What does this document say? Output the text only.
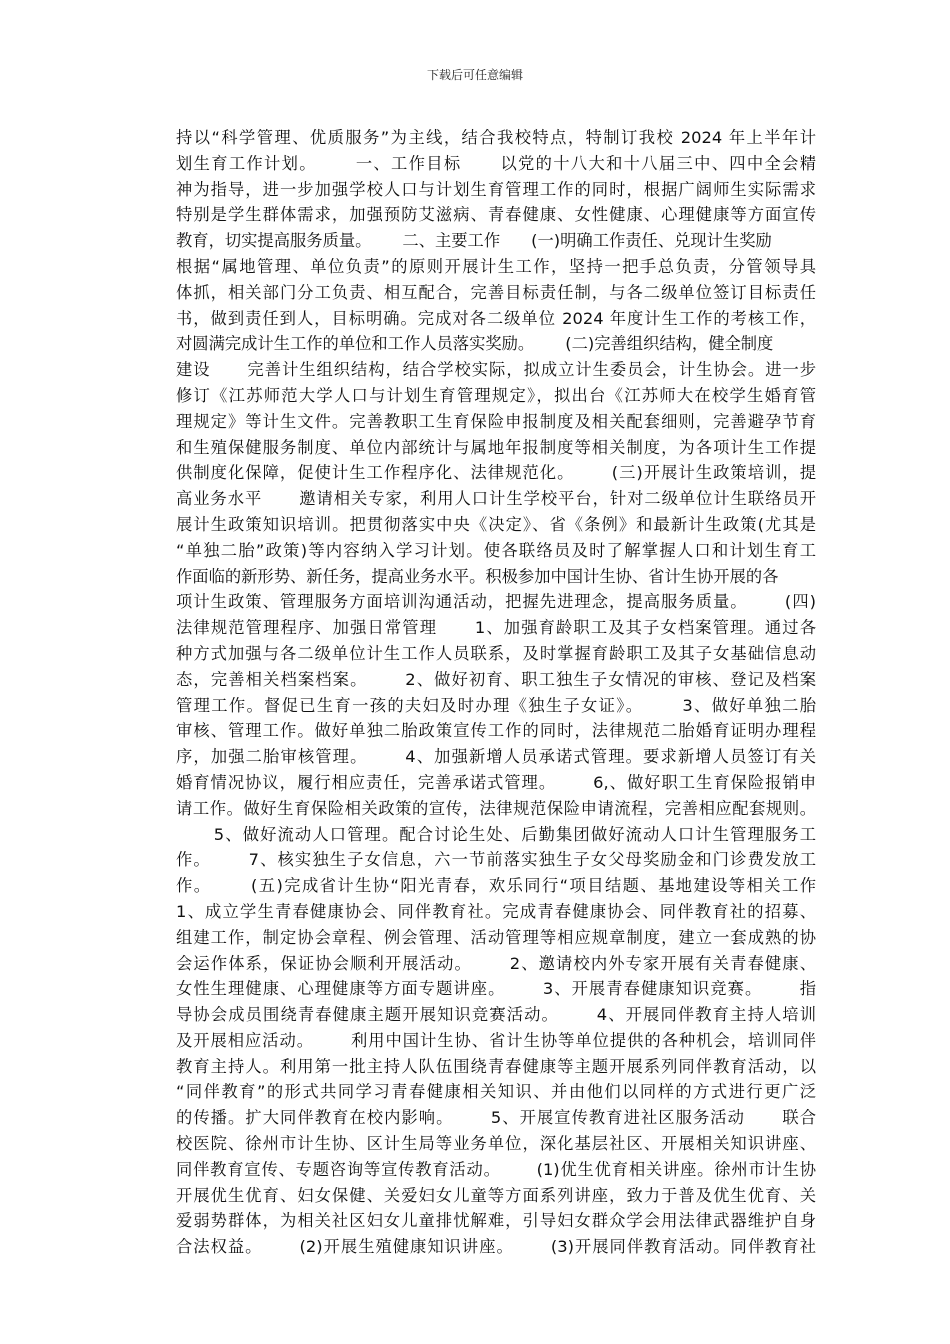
下载后可任意编辑
持以“科学管理、优质服务”为主线，结合我校特点，特制订我校 2024 年上半年计
划生育工作计划。      一、工作目标      以党的十八大和十八届三中、四中全会精
神为指导，进一步加强学校人口与计划生育管理工作的同时，根据广阔师生实际需求
特别是学生群体需求，加强预防艾滋病、青春健康、女性健康、心理健康等方面宣传
教育，切实提高服务质量。      二、主要工作      (一)明确工作责任、兑现计生奖励
根据“属地管理、单位负责”的原则开展计生工作，坚持一把手总负责，分管领导具
体抓，相关部门分工负责、相互配合，完善目标责任制，与各二级单位签订目标责任
书，做到责任到人，目标明确。完成对各二级单位 2024 年度计生工作的考核工作，
对圆满完成计生工作的单位和工作人员落实奖励。      (二)完善组织结构，健全制度
建设      完善计生组织结构，结合学校实际，拟成立计生委员会，计生协会。进一步
修订《江苏师范大学人口与计划生育管理规定》，拟出台《江苏师大在校学生婚育管
理规定》等计生文件。完善教职工生育保险申报制度及相关配套细则，完善避孕节育
和生殖保健服务制度、单位内部统计与属地年报制度等相关制度，为各项计生工作提
供制度化保障，促使计生工作程序化、法律规范化。      (三)开展计生政策培训，提
高业务水平      邀请相关专家，利用人口计生学校平台，针对二级单位计生联络员开
展计生政策知识培训。把贯彻落实中央《决定》、省《条例》和最新计生政策(尤其是
“单独二胎”政策)等内容纳入学习计划。使各联络员及时了解掌握人口和计划生育工
作面临的新形势、新任务，提高业务水平。积极参加中国计生协、省计生协开展的各
项计生政策、管理服务方面培训沟通活动，把握先进理念，提高服务质量。      (四)
法律规范管理程序、加强日常管理      1、加强育龄职工及其子女档案管理。通过各
种方式加强与各二级单位计生工作人员联系，及时掌握育龄职工及其子女基础信息动
态，完善相关档案档案。      2、做好初育、职工独生子女情况的审核、登记及档案
管理工作。督促已生育一孩的夫妇及时办理《独生子女证》。      3、做好单独二胎
审核、管理工作。做好单独二胎政策宣传工作的同时，法律规范二胎婚育证明办理程
序，加强二胎审核管理。      4、加强新增人员承诺式管理。要求新增人员签订有关
婚育情况协议，履行相应责任，完善承诺式管理。      6,、做好职工生育保险报销申
请工作。做好生育保险相关政策的宣传，法律规范保险申请流程，完善相应配套规则。
5、做好流动人口管理。配合讨论生处、后勤集团做好流动人口计生管理服务工
作。      7、核实独生子女信息，六一节前落实独生子女父母奖励金和门诊费发放工
作。      (五)完成省计生协“阳光青春，欢乐同行“项目结题、基地建设等相关工作
1、成立学生青春健康协会、同伴教育社。完成青春健康协会、同伴教育社的招募、
组建工作，制定协会章程、例会管理、活动管理等相应规章制度，建立一套成熟的协
会运作体系，保证协会顺利开展活动。      2、邀请校内外专家开展有关青春健康、
女性生理健康、心理健康等方面专题讲座。      3、开展青春健康知识竞赛。      指
导协会成员围绕青春健康主题开展知识竞赛活动。      4、开展同伴教育主持人培训
及开展相应活动。      利用中国计生协、省计生协等单位提供的各种机会，培训同伴
教育主持人。利用第一批主持人队伍围绕青春健康等主题开展系列同伴教育活动，以
“同伴教育”的形式共同学习青春健康相关知识、并由他们以同样的方式进行更广泛
的传播。扩大同伴教育在校内影响。      5、开展宣传教育进社区服务活动      联合
校医院、徐州市计生协、区计生局等业务单位，深化基层社区、开展相关知识讲座、
同伴教育宣传、专题咨询等宣传教育活动。      (1)优生优育相关讲座。徐州市计生协
开展优生优育、妇女保健、关爱妇女儿童等方面系列讲座，致力于普及优生优育、关
爱弱势群体，为相关社区妇女儿童排忧解难，引导妇女群众学会用法律武器维护自身
合法权益。      (2)开展生殖健康知识讲座。      (3)开展同伴教育活动。同伴教育社
